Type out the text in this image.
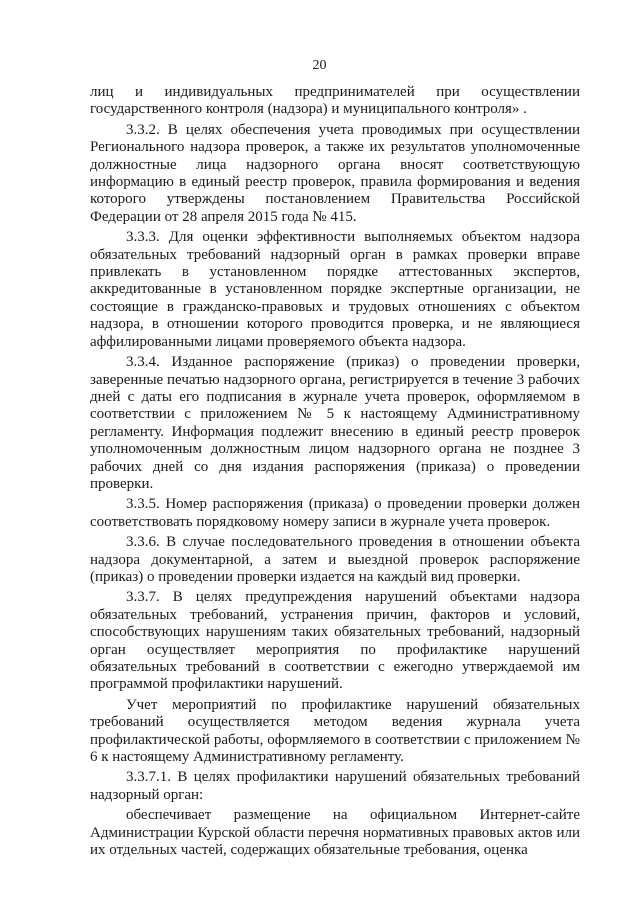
20

лиц и индивидуальных предпринимателей при осуществлении государственного контроля (надзора) и муниципального контроля» .

3.3.2. В целях обеспечения учета проводимых при осуществлении Регионального надзора проверок, а также их результатов уполномоченные должностные лица надзорного органа вносят соответствующую информацию в единый реестр проверок, правила формирования и ведения которого утверждены постановлением Правительства Российской Федерации от 28 апреля 2015 года № 415.

3.3.3. Для оценки эффективности выполняемых объектом надзора обязательных требований надзорный орган в рамках проверки вправе привлекать в установленном порядке аттестованных экспертов, аккредитованные в установленном порядке экспертные организации, не состоящие в гражданско-правовых и трудовых отношениях с объектом надзора, в отношении которого проводится проверка, и не являющиеся аффилированными лицами проверяемого объекта надзора.

3.3.4. Изданное распоряжение (приказ) о проведении проверки, заверенные печатью надзорного органа, регистрируется в течение 3 рабочих дней с даты его подписания в журнале учета проверок, оформляемом в соответствии с приложением № 5 к настоящему Административному регламенту. Информация подлежит внесению в единый реестр проверок уполномоченным должностным лицом надзорного органа не позднее 3 рабочих дней со дня издания распоряжения (приказа) о проведении проверки.

3.3.5. Номер распоряжения (приказа) о проведении проверки должен соответствовать порядковому номеру записи в журнале учета проверок.

3.3.6. В случае последовательного проведения в отношении объекта надзора документарной, а затем и выездной проверок распоряжение (приказ) о проведении проверки издается на каждый вид проверки.

3.3.7. В целях предупреждения нарушений объектами надзора обязательных требований, устранения причин, факторов и условий, способствующих нарушениям таких обязательных требований, надзорный орган осуществляет мероприятия по профилактике нарушений обязательных требований в соответствии с ежегодно утверждаемой им программой профилактики нарушений.

Учет мероприятий по профилактике нарушений обязательных требований осуществляется методом ведения журнала учета профилактической работы, оформляемого в соответствии с приложением № 6 к настоящему Административному регламенту.

3.3.7.1. В целях профилактики нарушений обязательных требований надзорный орган:

обеспечивает размещение на официальном Интернет-сайте Администрации Курской области перечня нормативных правовых актов или их отдельных частей, содержащих обязательные требования, оценка
